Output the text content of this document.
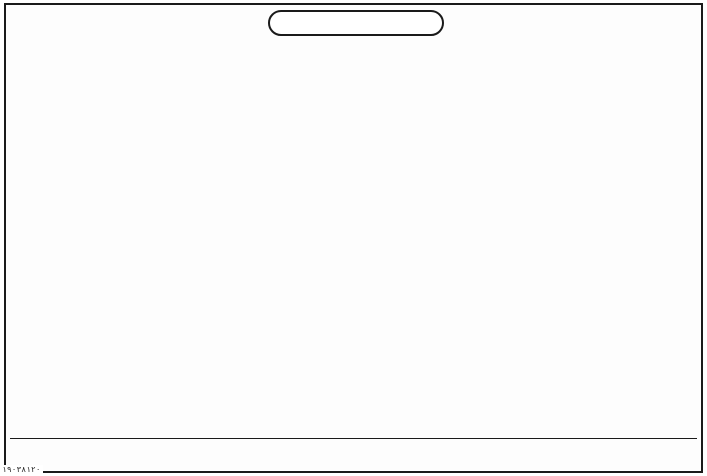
۱۹۰۳۸۱۲۰
